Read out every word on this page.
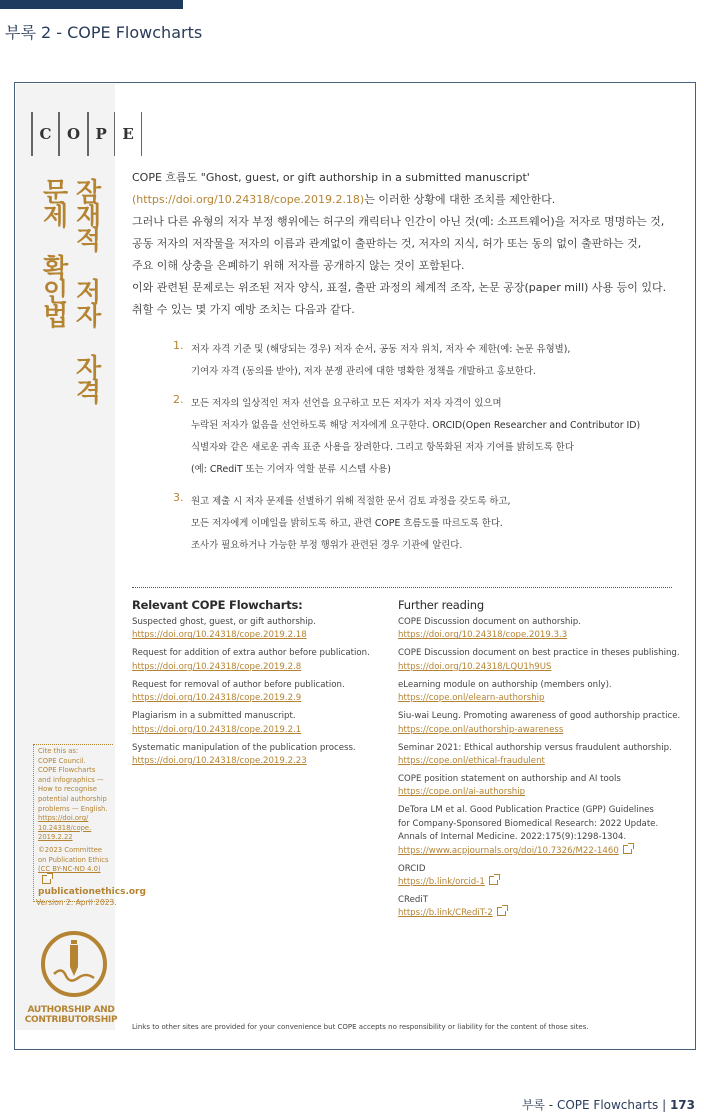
부록 2 - COPE Flowcharts
C	O	P	E
잠재적 저자 자격 문제 확인법
COPE 흐름도 "Ghost, guest, or gift authorship in a submitted manuscript'
(https://doi.org/10.24318/cope.2019.2.18)는 이러한 상황에 대한 조치를 제안한다.
그러나 다른 유형의 저자 부정 행위에는 허구의 캐릭터나 인간이 아닌 것(예: 소프트웨어)을 저자로 명명하는 것,
공동 저자의 저작물을 저자의 이름과 관계없이 출판하는 것, 저자의 지식, 허가 또는 동의 없이 출판하는 것,
주요 이해 상충을 은폐하기 위해 저자를 공개하지 않는 것이 포함된다.
이와 관련된 문제로는 위조된 저자 양식, 표절, 출판 과정의 체계적 조작, 논문 공장(paper mill) 사용 등이 있다.
취할 수 있는 몇 가지 예방 조치는 다음과 같다.
1. 저자 자격 기준 및 (해당되는 경우) 저자 순서, 공동 저자 위치, 저자 수 제한(예: 논문 유형별),
기여자 자격 (동의를 받아), 저자 분쟁 관리에 대한 명확한 정책을 개발하고 홍보한다.
2. 모든 저자의 일상적인 저자 선언을 요구하고 모든 저자가 저자 자격이 있으며
누락된 저자가 없음을 선언하도록 해당 저자에게 요구한다. ORCID(Open Researcher and Contributor ID)
식별자와 같은 새로운 귀속 표준 사용을 장려한다. 그리고 항목화된 저자 기여를 밝히도록 한다
(예: CRediT 또는 기여자 역할 분류 시스템 사용)
3. 원고 제출 시 저자 문제를 선별하기 위해 적절한 문서 검토 과정을 갖도록 하고,
모든 저자에게 이메일을 밝히도록 하고, 관련 COPE 흐름도를 따르도록 한다.
조사가 필요하거나 가능한 부정 행위가 관련된 경우 기관에 알린다.
Relevant COPE Flowcharts:
Suspected ghost, guest, or gift authorship.
https://doi.org/10.24318/cope.2019.2.18
Request for addition of extra author before publication.
https://doi.org/10.24318/cope.2019.2.8
Request for removal of author before publication.
https://doi.org/10.24318/cope.2019.2.9
Plagiarism in a submitted manuscript.
https://doi.org/10.24318/cope.2019.2.1
Systematic manipulation of the publication process.
https://doi.org/10.24318/cope.2019.2.23
Further reading
COPE Discussion document on authorship.
https://doi.org/10.24318/cope.2019.3.3
COPE Discussion document on best practice in theses publishing.
https://doi.org/10.24318/LQU1h9US
eLearning module on authorship (members only).
https://cope.onl/elearn-authorship
Siu-wai Leung. Promoting awareness of good authorship practice.
https://cope.onl/authorship-awareness
Seminar 2021: Ethical authorship versus fraudulent authorship.
https://cope.onl/ethical-fraudulent
COPE position statement on authorship and AI tools
https://cope.onl/ai-authorship
DeTora LM et al. Good Publication Practice (GPP) Guidelines
for Company-Sponsored Biomedical Research: 2022 Update.
Annals of Internal Medicine. 2022:175(9):1298-1304.
https://www.acpjournals.org/doi/10.7326/M22-1460
ORCID
https://b.link/orcid-1
CRediT
https://b.link/CRediT-2
Cite this as:
COPE Council.
COPE Flowcharts
and infographics —
How to recognise
potential authorship
problems — English.
https://doi.org/
10.24318/cope.
2019.2.22
©2023 Committee
on Publication Ethics
(CC BY-NC-ND 4.0)
publicationethics.org
Version 2: April 2023.
AUTHORSHIP AND
CONTRIBUTORSHIP
Links to other sites are provided for your convenience but COPE accepts no responsibility or liability for the content of those sites.
부록 - COPE Flowcharts | 173
